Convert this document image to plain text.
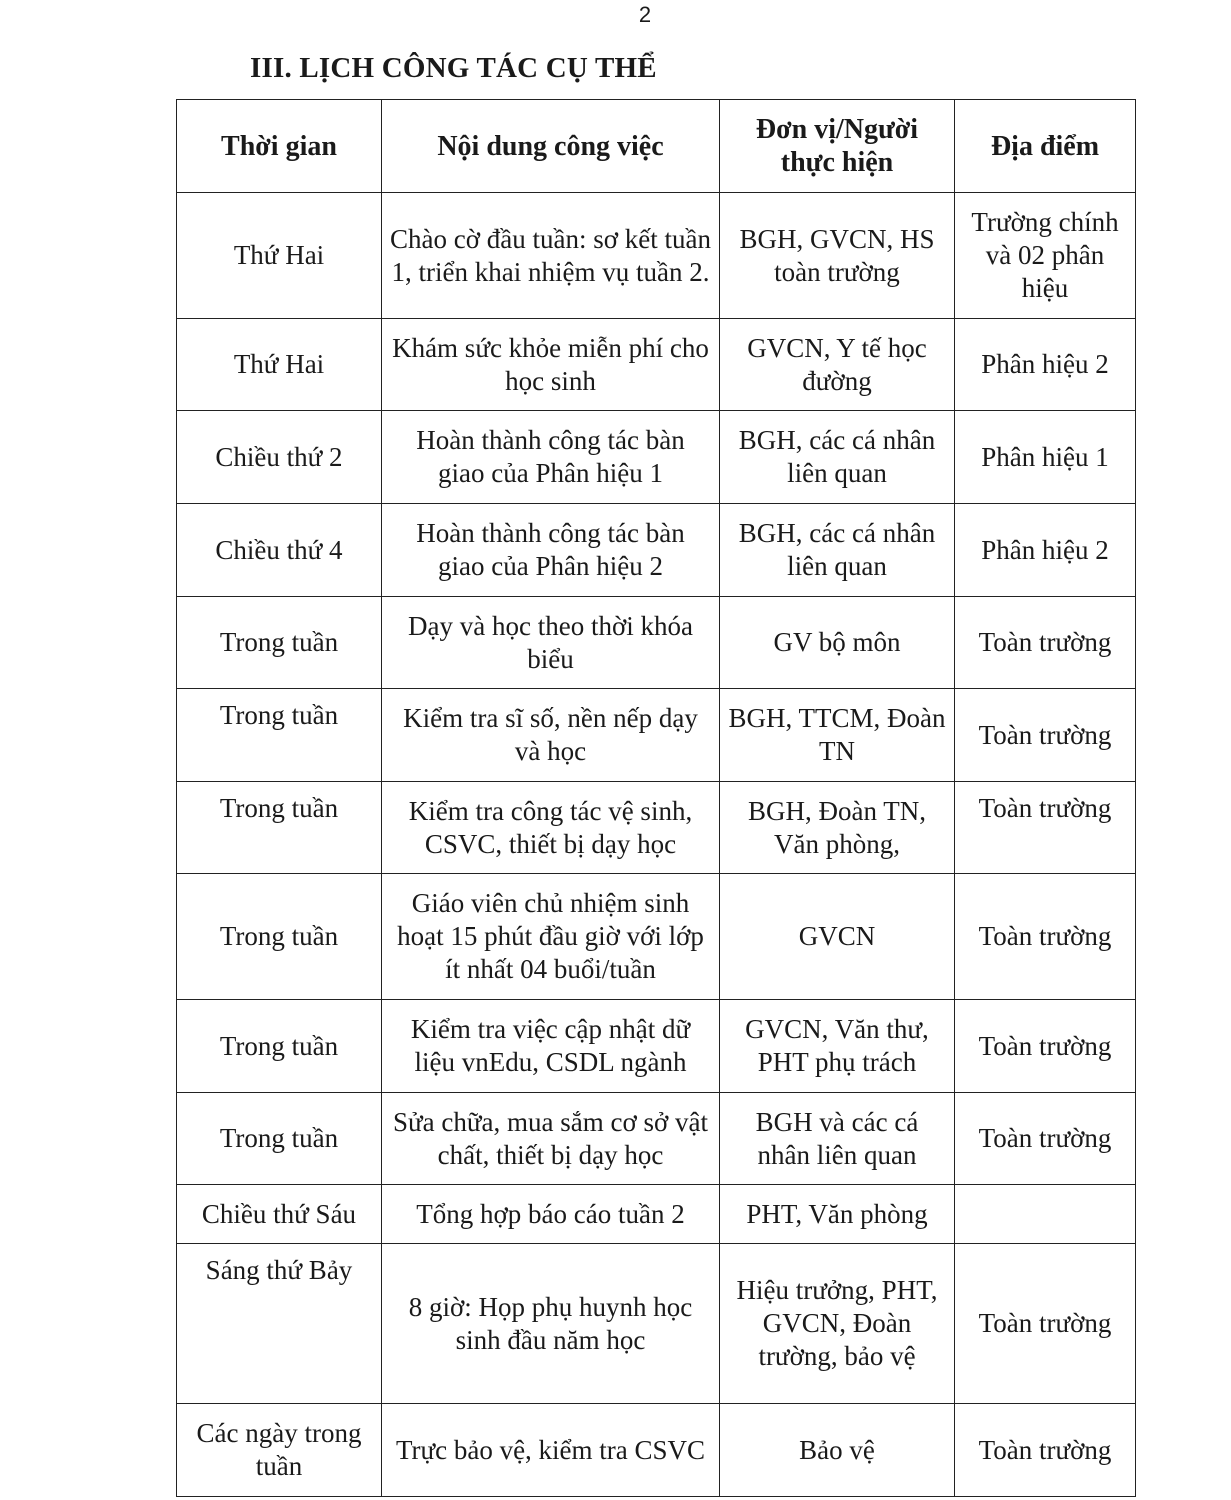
2
III. LỊCH CÔNG TÁC CỤ THỂ
Thời gian	Nội dung công việc	Đơn vị/Người thực hiện	Địa điểm
Thứ Hai	Chào cờ đầu tuần: sơ kết tuần 1, triển khai nhiệm vụ tuần 2.	BGH, GVCN, HS toàn trường	Trường chính và 02 phân hiệu
Thứ Hai	Khám sức khỏe miễn phí cho học sinh	GVCN, Y tế học đường	Phân hiệu 2
Chiều thứ 2	Hoàn thành công tác bàn giao của Phân hiệu 1	BGH, các cá nhân liên quan	Phân hiệu 1
Chiều thứ 4	Hoàn thành công tác bàn giao của Phân hiệu 2	BGH, các cá nhân liên quan	Phân hiệu 2
Trong tuần	Dạy và học theo thời khóa biểu	GV bộ môn	Toàn trường
Trong tuần	Kiểm tra sĩ số, nền nếp dạy và học	BGH, TTCM, Đoàn TN	Toàn trường
Trong tuần	Kiểm tra công tác vệ sinh, CSVC, thiết bị dạy học	BGH, Đoàn TN, Văn phòng,	Toàn trường
Trong tuần	Giáo viên chủ nhiệm sinh hoạt 15 phút đầu giờ với lớp ít nhất 04 buổi/tuần	GVCN	Toàn trường
Trong tuần	Kiểm tra việc cập nhật dữ liệu vnEdu, CSDL ngành	GVCN, Văn thư, PHT phụ trách	Toàn trường
Trong tuần	Sửa chữa, mua sắm cơ sở vật chất, thiết bị dạy học	BGH và các cá nhân liên quan	Toàn trường
Chiều thứ Sáu	Tổng hợp báo cáo tuần 2	PHT, Văn phòng	
Sáng thứ Bảy	8 giờ: Họp phụ huynh học sinh đầu năm học	Hiệu trưởng, PHT, GVCN, Đoàn trường, bảo vệ	Toàn trường
Các ngày trong tuần	Trực bảo vệ, kiểm tra CSVC	Bảo vệ	Toàn trường
